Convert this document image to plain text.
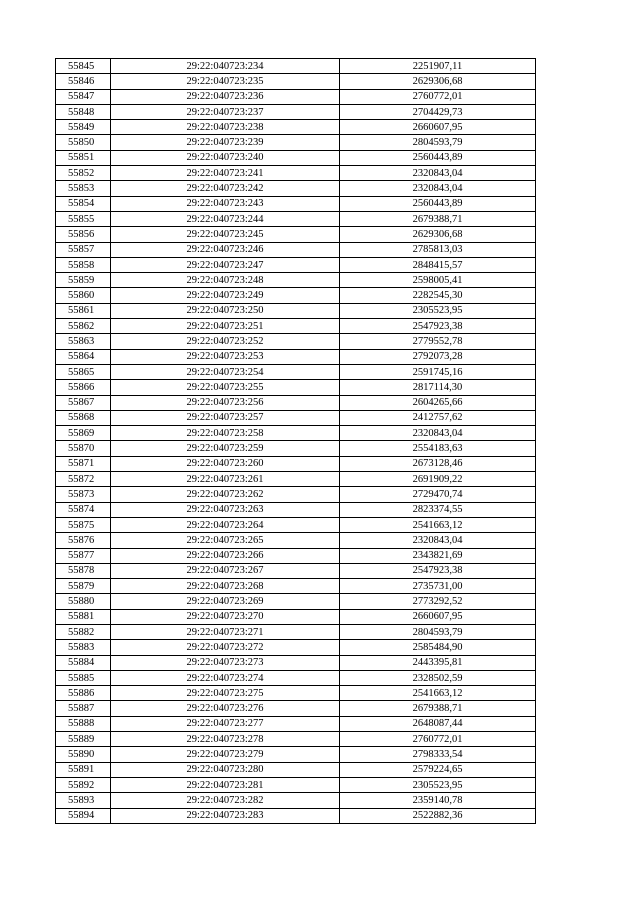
55845	29:22:040723:234	2251907,11
55846	29:22:040723:235	2629306,68
55847	29:22:040723:236	2760772,01
55848	29:22:040723:237	2704429,73
55849	29:22:040723:238	2660607,95
55850	29:22:040723:239	2804593,79
55851	29:22:040723:240	2560443,89
55852	29:22:040723:241	2320843,04
55853	29:22:040723:242	2320843,04
55854	29:22:040723:243	2560443,89
55855	29:22:040723:244	2679388,71
55856	29:22:040723:245	2629306,68
55857	29:22:040723:246	2785813,03
55858	29:22:040723:247	2848415,57
55859	29:22:040723:248	2598005,41
55860	29:22:040723:249	2282545,30
55861	29:22:040723:250	2305523,95
55862	29:22:040723:251	2547923,38
55863	29:22:040723:252	2779552,78
55864	29:22:040723:253	2792073,28
55865	29:22:040723:254	2591745,16
55866	29:22:040723:255	2817114,30
55867	29:22:040723:256	2604265,66
55868	29:22:040723:257	2412757,62
55869	29:22:040723:258	2320843,04
55870	29:22:040723:259	2554183,63
55871	29:22:040723:260	2673128,46
55872	29:22:040723:261	2691909,22
55873	29:22:040723:262	2729470,74
55874	29:22:040723:263	2823374,55
55875	29:22:040723:264	2541663,12
55876	29:22:040723:265	2320843,04
55877	29:22:040723:266	2343821,69
55878	29:22:040723:267	2547923,38
55879	29:22:040723:268	2735731,00
55880	29:22:040723:269	2773292,52
55881	29:22:040723:270	2660607,95
55882	29:22:040723:271	2804593,79
55883	29:22:040723:272	2585484,90
55884	29:22:040723:273	2443395,81
55885	29:22:040723:274	2328502,59
55886	29:22:040723:275	2541663,12
55887	29:22:040723:276	2679388,71
55888	29:22:040723:277	2648087,44
55889	29:22:040723:278	2760772,01
55890	29:22:040723:279	2798333,54
55891	29:22:040723:280	2579224,65
55892	29:22:040723:281	2305523,95
55893	29:22:040723:282	2359140,78
55894	29:22:040723:283	2522882,36
